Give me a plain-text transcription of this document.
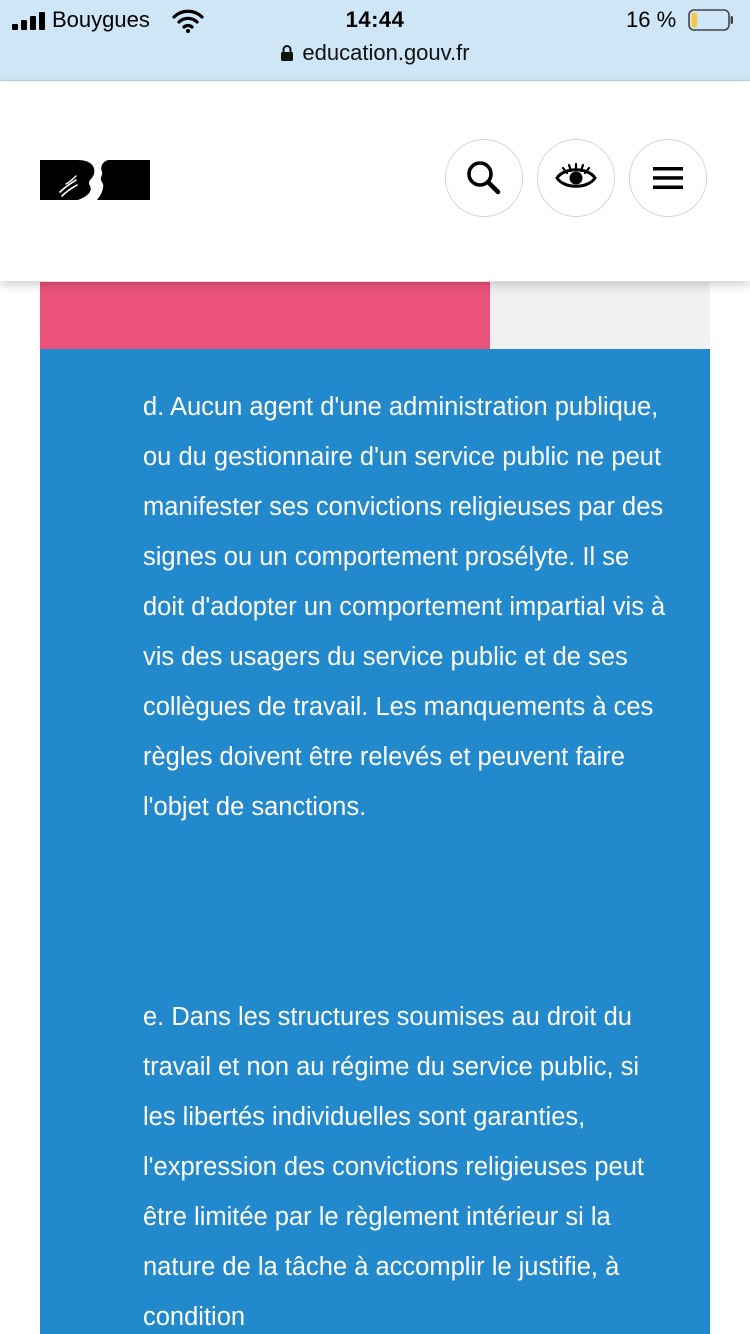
Bouygues	14:44	16 %
education.gouv.fr

d. Aucun agent d'une administration publique, ou du gestionnaire d'un service public ne peut manifester ses convictions religieuses par des signes ou un comportement prosélyte. Il se doit d'adopter un comportement impartial vis à vis des usagers du service public et de ses collègues de travail. Les manquements à ces règles doivent être relevés et peuvent faire l'objet de sanctions.

e. Dans les structures soumises au droit du travail et non au régime du service public, si les libertés individuelles sont garanties, l'expression des convictions religieuses peut être limitée par le règlement intérieur si la nature de la tâche à accomplir le justifie, à condition
